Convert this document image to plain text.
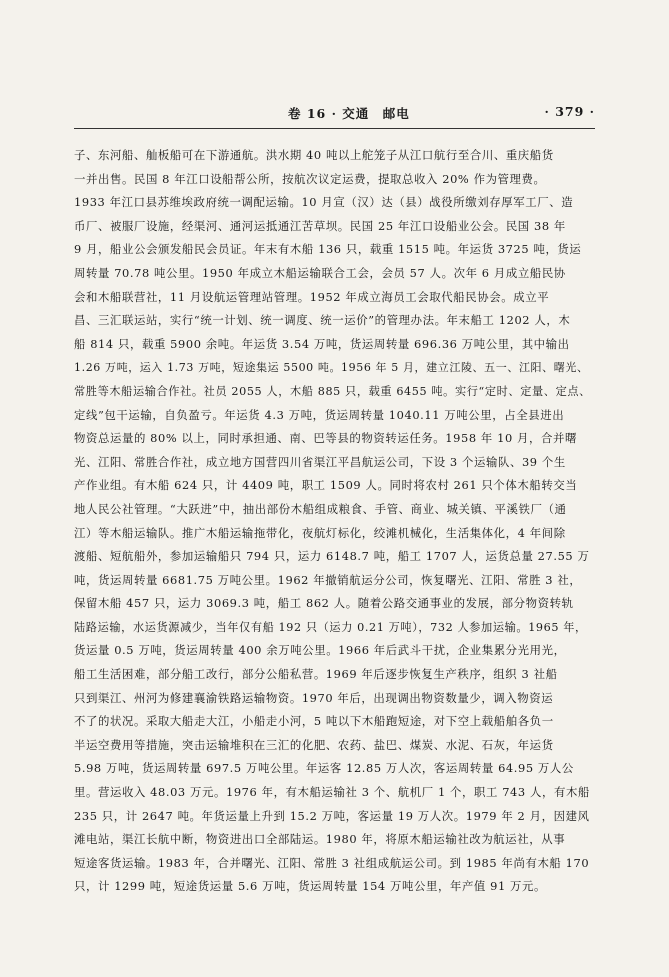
卷 16 · 交通　邮电	· 379 ·
子、东河船、舢板船可在下游通航。洪水期 40 吨以上舵笼子从江口航行至合川、重庆船货
一并出售。民国 8 年江口设船帮公所，按航次议定运费，提取总收入 20% 作为管理费。
1933 年江口县苏维埃政府统一调配运输。10 月宣（汉）达（县）战役所缴刘存厚军工厂、造
币厂、被服厂设施，经渠河、通河运抵通江苦草坝。民国 25 年江口设船业公会。民国 38 年
9 月，船业公会颁发船民会员证。年末有木船 136 只，载重 1515 吨。年运货 3725 吨，货运
周转量 70.78 吨公里。1950 年成立木船运输联合工会，会员 57 人。次年 6 月成立船民协
会和木船联营社，11 月设航运管理站管理。1952 年成立海员工会取代船民协会。成立平
昌、三汇联运站，实行“统一计划、统一调度、统一运价”的管理办法。年末船工 1202 人，木
船 814 只，载重 5900 余吨。年运货 3.54 万吨，货运周转量 696.36 万吨公里，其中输出
1.26 万吨，运入 1.73 万吨，短途集运 5500 吨。1956 年 5 月，建立江陵、五一、江阳、曙光、
常胜等木船运输合作社。社员 2055 人，木船 885 只，载重 6455 吨。实行“定时、定量、定点、
定线”包干运输，自负盈亏。年运货 4.3 万吨，货运周转量 1040.11 万吨公里，占全县进出
物资总运量的 80% 以上，同时承担通、南、巴等县的物资转运任务。1958 年 10 月，合并曙
光、江阳、常胜合作社，成立地方国营四川省渠江平昌航运公司，下设 3 个运输队、39 个生
产作业组。有木船 624 只，计 4409 吨，职工 1509 人。同时将农村 261 只个体木船转交当
地人民公社管理。“大跃进”中，抽出部份木船组成粮食、手管、商业、城关镇、平溪铁厂（通
江）等木船运输队。推广木船运输拖带化，夜航灯标化，绞滩机械化，生活集体化，4 年间除
渡船、短航船外，参加运输船只 794 只，运力 6148.7 吨，船工 1707 人，运货总量 27.55 万
吨，货运周转量 6681.75 万吨公里。1962 年撤销航运分公司，恢复曙光、江阳、常胜 3 社，
保留木船 457 只，运力 3069.3 吨，船工 862 人。随着公路交通事业的发展，部分物资转轨
陆路运输，水运货源减少，当年仅有船 192 只（运力 0.21 万吨），732 人参加运输。1965 年，
货运量 0.5 万吨，货运周转量 400 余万吨公里。1966 年后武斗干扰，企业集累分光用光，
船工生活困难，部分船工改行，部分公船私营。1969 年后逐步恢复生产秩序，组织 3 社船
只到渠江、州河为修建襄渝铁路运输物资。1970 年后，出现调出物资数量少，调入物资运
不了的状况。采取大船走大江，小船走小河，5 吨以下木船跑短途，对下空上载船舶各负一
半运空费用等措施，突击运输堆积在三汇的化肥、农药、盐巴、煤炭、水泥、石灰，年运货
5.98 万吨，货运周转量 697.5 万吨公里。年运客 12.85 万人次，客运周转量 64.95 万人公
里。营运收入 48.03 万元。1976 年，有木船运输社 3 个、航机厂 1 个，职工 743 人，有木船
235 只，计 2647 吨。年货运量上升到 15.2 万吨，客运量 19 万人次。1979 年 2 月，因建风
滩电站，渠江长航中断，物资进出口全部陆运。1980 年，将原木船运输社改为航运社，从事
短途客货运输。1983 年，合并曙光、江阳、常胜 3 社组成航运公司。到 1985 年尚有木船 170
只，计 1299 吨，短途货运量 5.6 万吨，货运周转量 154 万吨公里，年产值 91 万元。
